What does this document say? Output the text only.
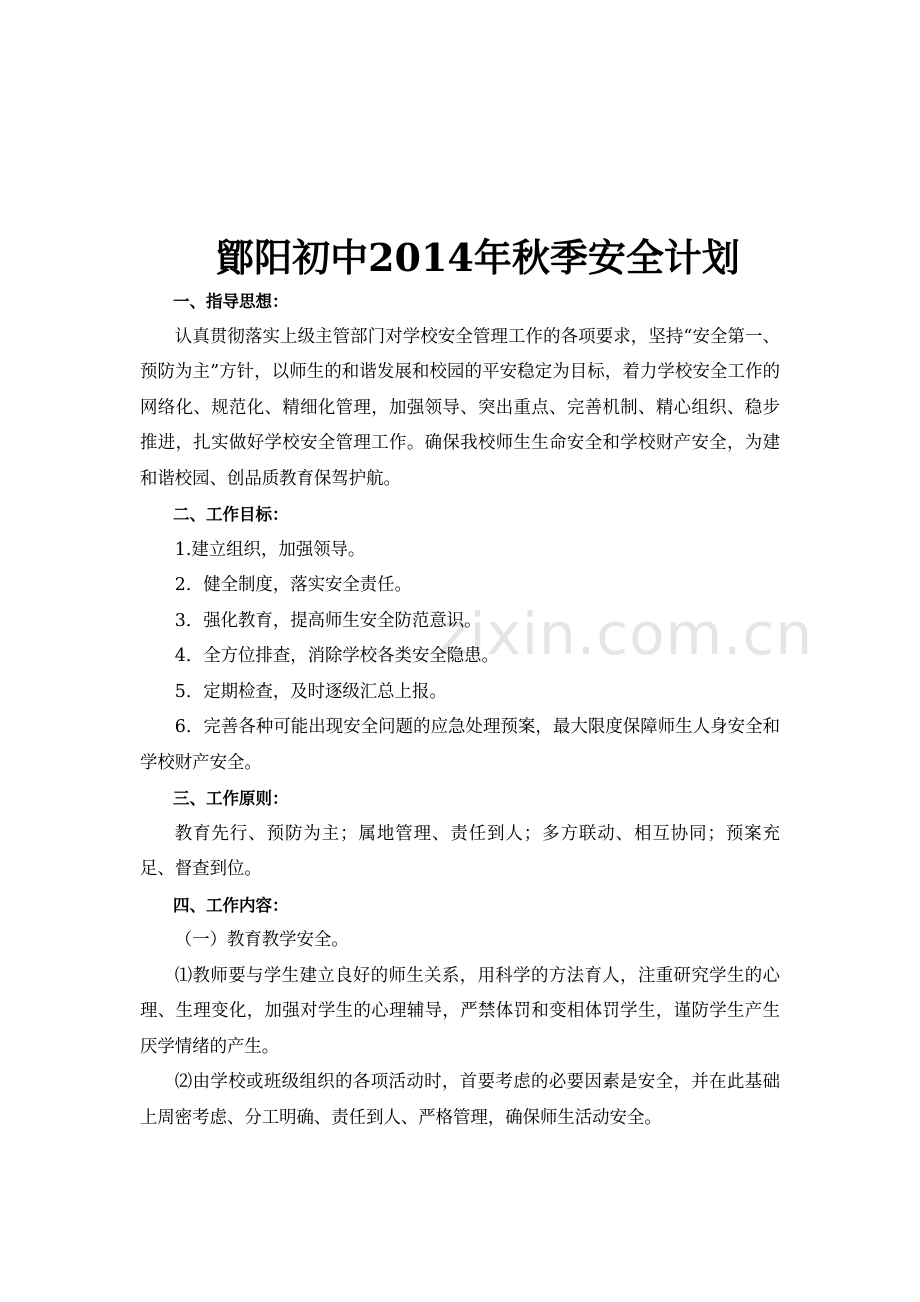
鄮阳初中2014年秋季安全计划

一、指导思想：

认真贯彻落实上级主管部门对学校安全管理工作的各项要求，坚持“安全第一、预防为主”方针，以师生的和谐发展和校园的平安稳定为目标，着力学校安全工作的网络化、规范化、精细化管理，加强领导、突出重点、完善机制、精心组织、稳步推进，扎实做好学校安全管理工作。确保我校师生生命安全和学校财产安全，为建和谐校园、创品质教育保驾护航。

二、工作目标：

1.建立组织，加强领导。

2．健全制度，落实安全责任。

3．强化教育，提高师生安全防范意识。

4．全方位排查，消除学校各类安全隐患。

5．定期检查，及时逐级汇总上报。

6．完善各种可能出现安全问题的应急处理预案，最大限度保障师生人身安全和学校财产安全。

三、工作原则：

教育先行、预防为主；属地管理、责任到人；多方联动、相互协同；预案充足、督查到位。

四、工作内容：

（一）教育教学安全。

⑴教师要与学生建立良好的师生关系，用科学的方法育人，注重研究学生的心理、生理变化，加强对学生的心理辅导，严禁体罚和变相体罚学生，谨防学生产生厌学情绪的产生。

⑵由学校或班级组织的各项活动时，首要考虑的必要因素是安全，并在此基础上周密考虑、分工明确、责任到人、严格管理，确保师生活动安全。

zixin.com.cn
